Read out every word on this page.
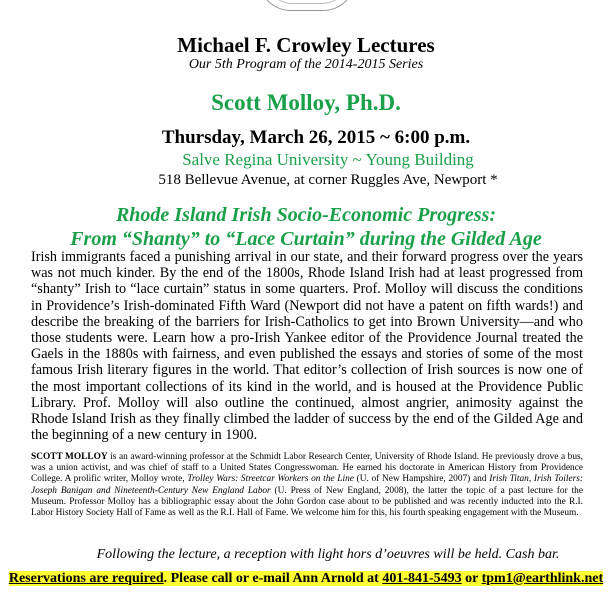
Michael F. Crowley Lectures
Our 5th Program of the 2014-2015 Series
Scott Molloy, Ph.D.
Thursday, March 26, 2015 ~ 6:00 p.m.
Salve Regina University ~ Young Building
518 Bellevue Avenue, at corner Ruggles Ave, Newport *
Rhode Island Irish Socio-Economic Progress:
From “Shanty” to “Lace Curtain” during the Gilded Age
Irish immigrants faced a punishing arrival in our state, and their forward progress over the years was not much kinder. By the end of the 1800s, Rhode Island Irish had at least progressed from “shanty” Irish to “lace curtain” status in some quarters. Prof. Molloy will discuss the conditions in Providence’s Irish-dominated Fifth Ward (Newport did not have a patent on fifth wards!) and describe the breaking of the barriers for Irish-Catholics to get into Brown University—and who those students were. Learn how a pro-Irish Yankee editor of the Providence Journal treated the Gaels in the 1880s with fairness, and even published the essays and stories of some of the most famous Irish literary figures in the world. That editor’s collection of Irish sources is now one of the most important collections of its kind in the world, and is housed at the Providence Public Library. Prof. Molloy will also outline the continued, almost angrier, animosity against the Rhode Island Irish as they finally climbed the ladder of success by the end of the Gilded Age and the beginning of a new century in 1900.
SCOTT MOLLOY is an award-winning professor at the Schmidt Labor Research Center, University of Rhode Island. He previously drove a bus, was a union activist, and was chief of staff to a United States Congresswoman. He earned his doctorate in American History from Providence College. A prolific writer, Molloy wrote, Trolley Wars: Streetcar Workers on the Line (U. of New Hampshire, 2007) and Irish Titan, Irish Toilers: Joseph Banigan and Nineteenth-Century New England Labor (U. Press of New England, 2008), the latter the topic of a past lecture for the Museum. Professor Molloy has a bibliographic essay about the John Gordon case about to be published and was recently inducted into the R.I. Labor History Society Hall of Fame as well as the R.I. Hall of Fame. We welcome him for this, his fourth speaking engagement with the Museum.
Following the lecture, a reception with light hors d’oeuvres will be held. Cash bar.
Reservations are required. Please call or e-mail Ann Arnold at 401-841-5493 or tpm1@earthlink.net
